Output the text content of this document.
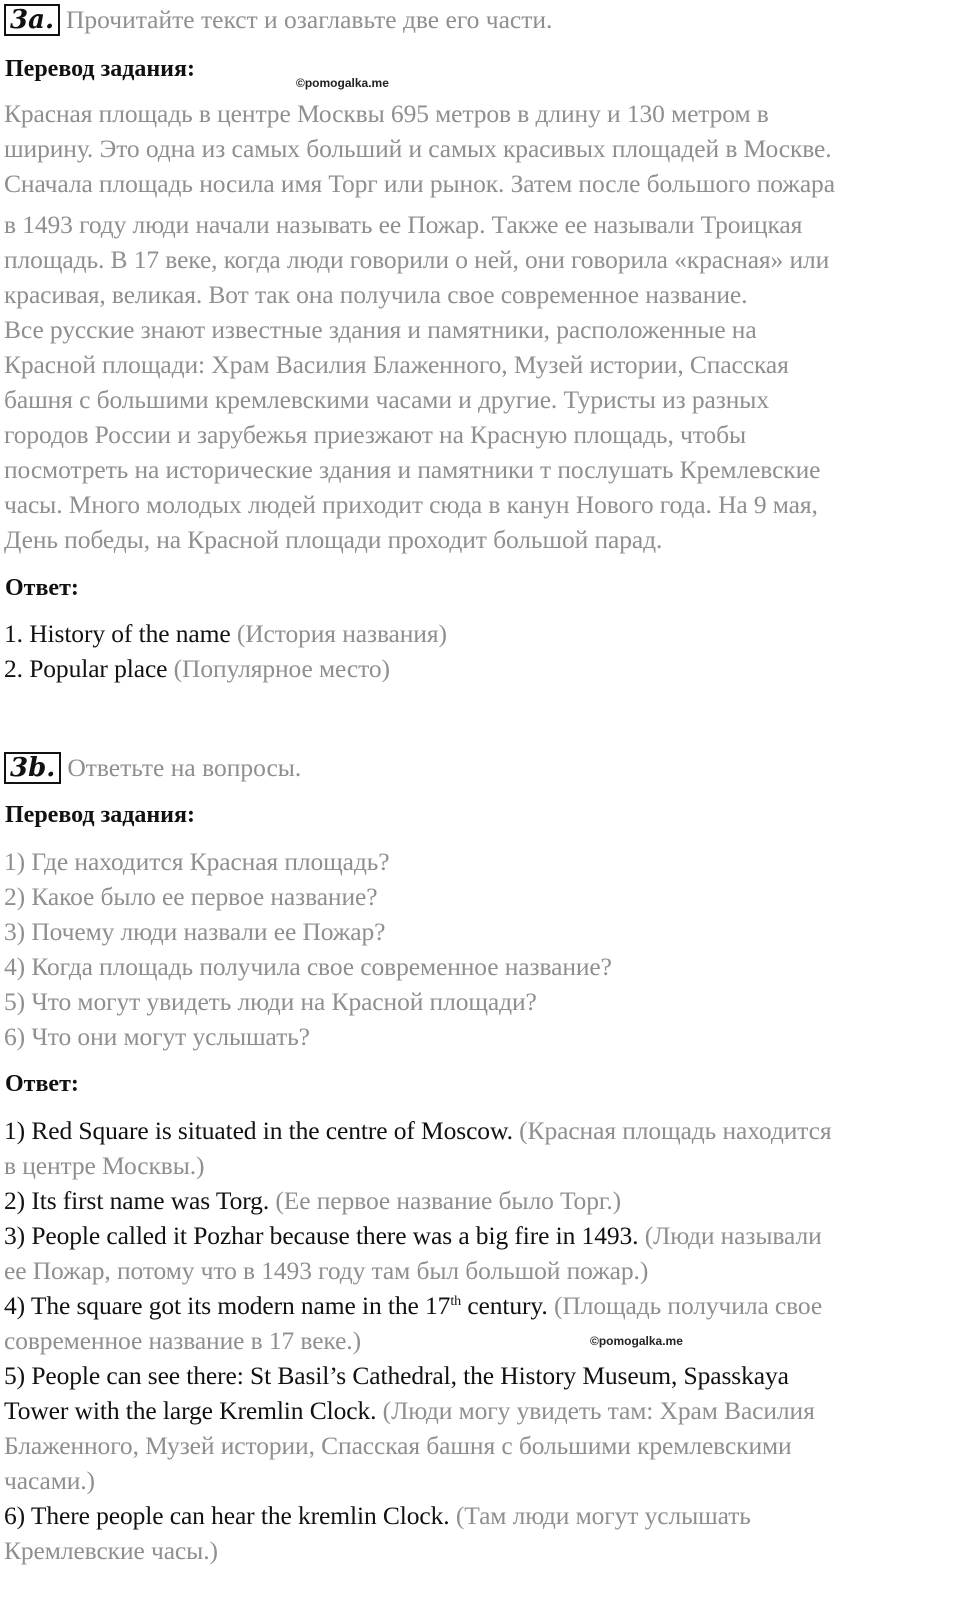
3a. Прочитайте текст и озаглавьте две его части.
Перевод задания:
©pomogalka.me
Красная площадь в центре Москвы 695 метров в длину и 130 метром в
ширину. Это одна из самых больший и самых красивых площадей в Москве.
Сначала площадь носила имя Торг или рынок. Затем после большого пожара
в 1493 году люди начали называть ее Пожар. Также ее называли Троицкая
площадь. В 17 веке, когда люди говорили о ней, они говорила «красная» или
красивая, великая. Вот так она получила свое современное название.
Все русские знают известные здания и памятники, расположенные на
Красной площади: Храм Василия Блаженного, Музей истории, Спасская
башня с большими кремлевскими часами и другие. Туристы из разных
городов России и зарубежья приезжают на Красную площадь, чтобы
посмотреть на исторические здания и памятники т послушать Кремлевские
часы. Много молодых людей приходит сюда в канун Нового года. На 9 мая,
День победы, на Красной площади проходит большой парад.
Ответ:
1. History of the name (История названия)
2. Popular place (Популярное место)
3b. Ответьте на вопросы.
Перевод задания:
1) Где находится Красная площадь?
2) Какое было ее первое название?
3) Почему люди назвали ее Пожар?
4) Когда площадь получила свое современное название?
5) Что могут увидеть люди на Красной площади?
6) Что они могут услышать?
Ответ:
1) Red Square is situated in the centre of Moscow. (Красная площадь находится
в центре Москвы.)
2) Its first name was Torg. (Ее первое название было Торг.)
3) People called it Pozhar because there was a big fire in 1493. (Люди называли
ее Пожар, потому что в 1493 году там был большой пожар.)
4) The square got its modern name in the 17th century. (Площадь получила свое
современное название в 17 веке.)	©pomogalka.me
5) People can see there: St Basil’s Cathedral, the History Museum, Spasskaya
Tower with the large Kremlin Clock. (Люди могу увидеть там: Храм Василия
Блаженного, Музей истории, Спасская башня с большими кремлевскими
часами.)
6) There people can hear the kremlin Clock. (Там люди могут услышать
Кремлевские часы.)
